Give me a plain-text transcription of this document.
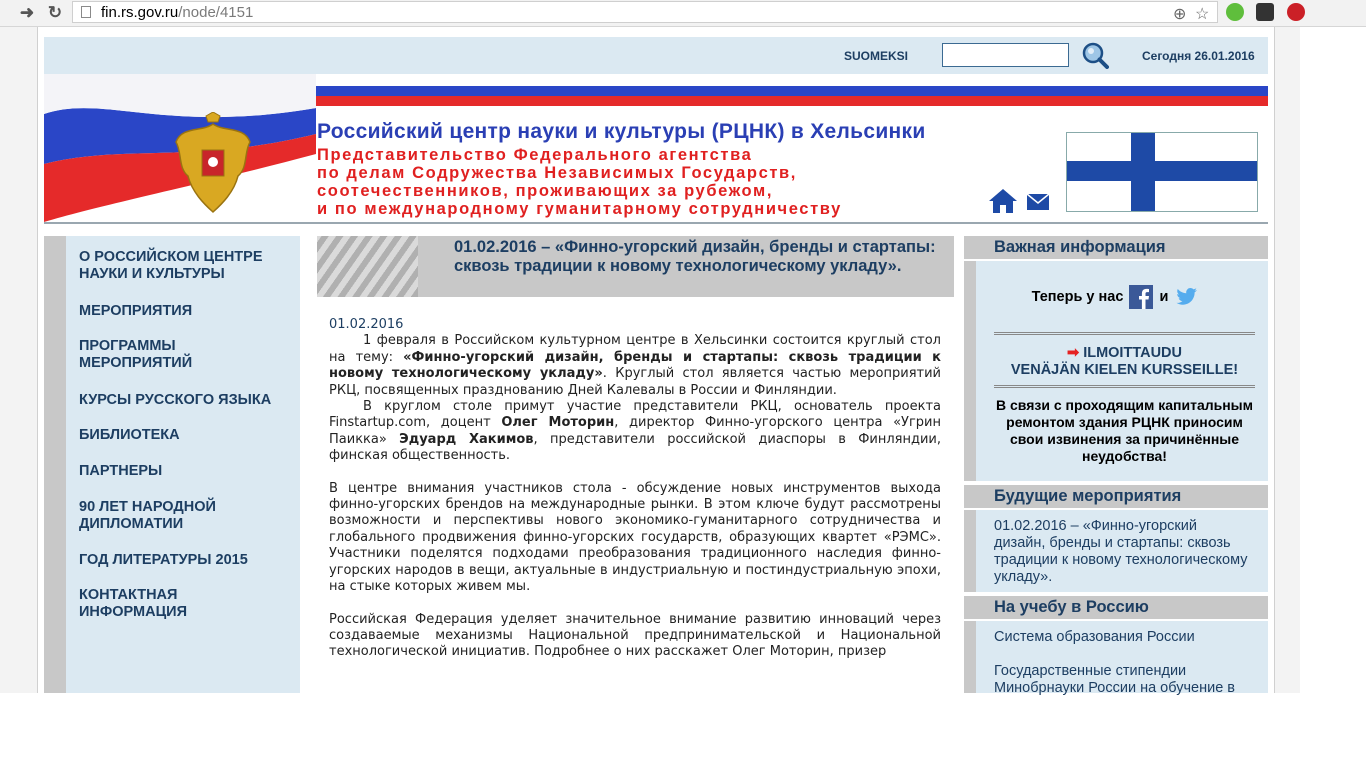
➜ ↻	fin.rs.gov.ru/node/4151	⊕ ☆
SUOMEKSI	Сегодня 26.01.2016
Российский центр науки и культуры (РЦНК) в Хельсинки
Представительство Федерального агентства
по делам Содружества Независимых Государств,
соотечественников, проживающих за рубежом,
и по международному гуманитарному сотрудничеству
О РОССИЙСКОМ ЦЕНТРЕ НАУКИ И КУЛЬТУРЫ
МЕРОПРИЯТИЯ
ПРОГРАММЫ МЕРОПРИЯТИЙ
КУРСЫ РУССКОГО ЯЗЫКА
БИБЛИОТЕКА
ПАРТНЕРЫ
90 ЛЕТ НАРОДНОЙ ДИПЛОМАТИИ
ГОД ЛИТЕРАТУРЫ 2015
КОНТАКТНАЯ ИНФОРМАЦИЯ
01.02.2016 – «Финно-угорский дизайн, бренды и стартапы: сквозь традиции к новому технологическому укладу».
01.02.2016

1 февраля в Российском культурном центре в Хельсинки состоится круглый стол на тему: «Финно-угорский дизайн, бренды и стартапы: сквозь традиции к новому технологическому укладу». Круглый стол является частью мероприятий РКЦ, посвященных празднованию Дней Калевалы в России и Финляндии.

В круглом столе примут участие представители РКЦ, основатель проекта Finstartup.com, доцент Олег Моторин, директор Финно-угорского центра «Угрин Паикка» Эдуард Хакимов, представители российской диаспоры в Финляндии, финская общественность.

В центре внимания участников стола - обсуждение новых инструментов выхода финно-угорских брендов на международные рынки. В этом ключе будут рассмотрены возможности и перспективы нового экономико-гуманитарного сотрудничества и глобального продвижения финно-угорских государств, образующих квартет «РЭМС». Участники поделятся подходами преобразования традиционного наследия финно-угорских народов в вещи, актуальные в индустриальную и постиндустриальную эпохи, на стыке которых живем мы.

Российская Федерация уделяет значительное внимание развитию инноваций через создаваемые механизмы Национальной предпринимательской и Национальной технологической инициатив. Подробнее о них расскажет Олег Моторин, призер

Важная информация
Теперь у нас и
➡ ILMOITTAUDU
VENÄJÄN KIELEN KURSSEILLE!
В связи с проходящим капитальным ремонтом здания РЦНК приносим свои извинения за причинённые неудобства!
Будущие мероприятия
01.02.2016 – «Финно-угорский дизайн, бренды и стартапы: сквозь традиции к новому технологическому укладу».
На учебу в Россию
Система образования России
Государственные стипендии Минобрнауки России на обучение в
